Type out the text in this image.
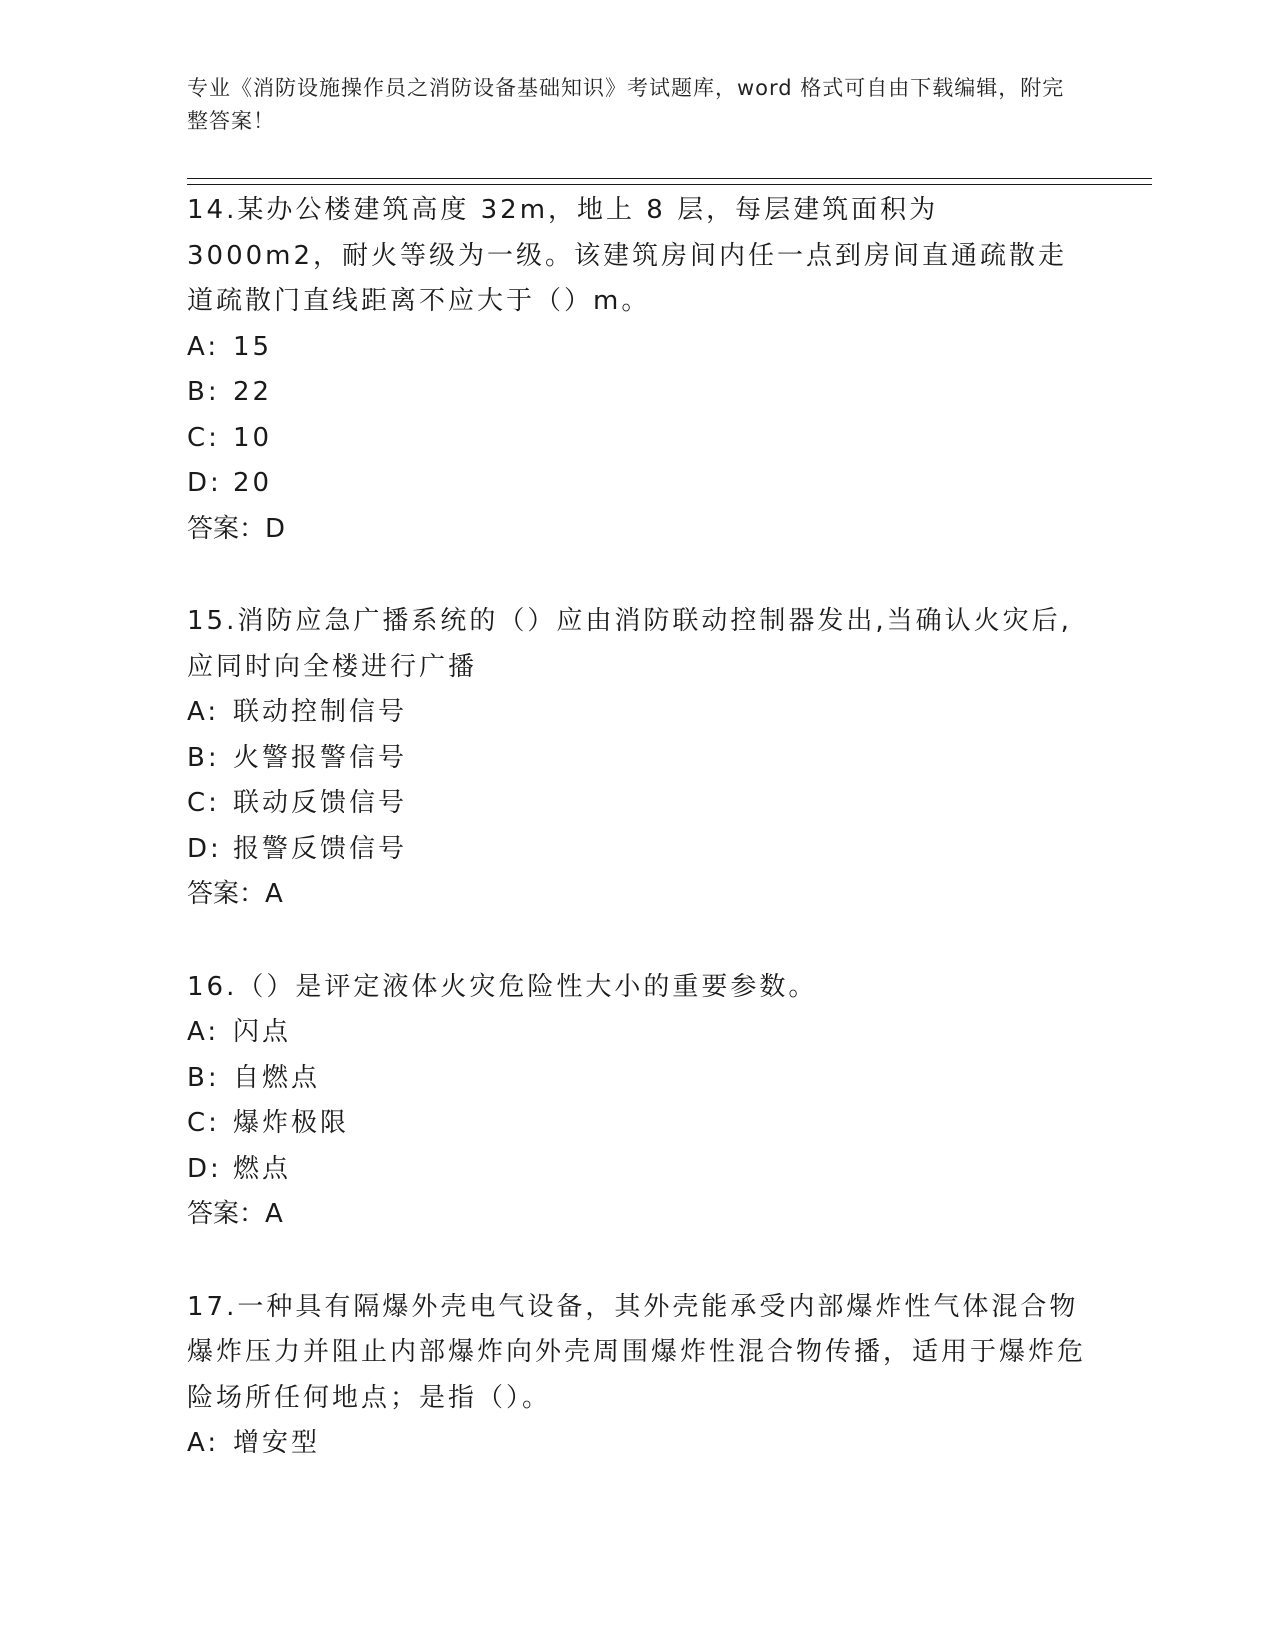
专业《消防设施操作员之消防设备基础知识》考试题库，word 格式可自由下载编辑，附完整答案！

14.某办公楼建筑高度 32m，地上 8 层，每层建筑面积为 3000m2，耐火等级为一级。该建筑房间内任一点到房间直通疏散走道疏散门直线距离不应大于（）m。

A: 15

B: 22

C: 10

D: 20

答案：D

15.消防应急广播系统的（）应由消防联动控制器发出,当确认火灾后,应同时向全楼进行广播

A: 联动控制信号

B: 火警报警信号

C: 联动反馈信号

D: 报警反馈信号

答案：A

16.（）是评定液体火灾危险性大小的重要参数。

A: 闪点

B: 自燃点

C: 爆炸极限

D: 燃点

答案：A

17.一种具有隔爆外壳电气设备，其外壳能承受内部爆炸性气体混合物爆炸压力并阻止内部爆炸向外壳周围爆炸性混合物传播，适用于爆炸危险场所任何地点；是指（）。

A: 增安型
